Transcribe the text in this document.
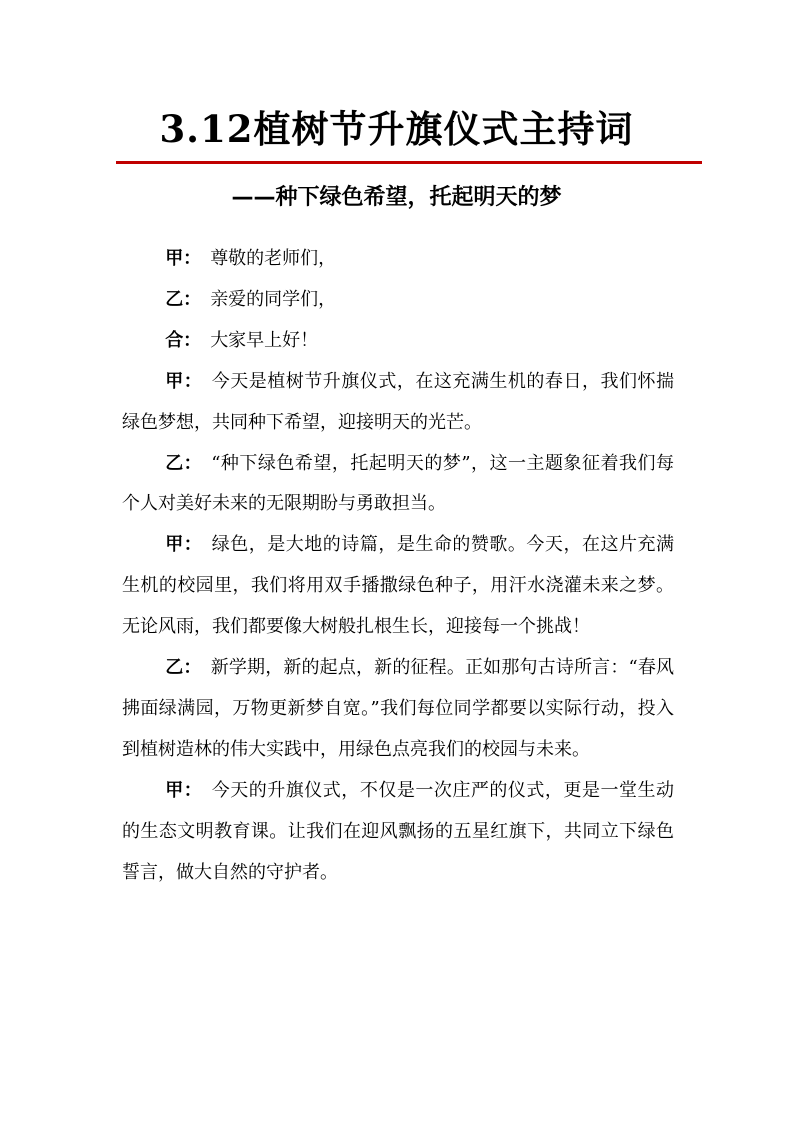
3.12植树节升旗仪式主持词
——种下绿色希望，托起明天的梦

甲： 尊敬的老师们，

乙： 亲爱的同学们，

合： 大家早上好！

甲： 今天是植树节升旗仪式，在这充满生机的春日，我们怀揣绿色梦想，共同种下希望，迎接明天的光芒。

乙： “种下绿色希望，托起明天的梦”，这一主题象征着我们每个人对美好未来的无限期盼与勇敢担当。

甲： 绿色，是大地的诗篇，是生命的赞歌。今天，在这片充满生机的校园里，我们将用双手播撒绿色种子，用汗水浇灌未来之梦。无论风雨，我们都要像大树般扎根生长，迎接每一个挑战！

乙： 新学期，新的起点，新的征程。正如那句古诗所言：“春风拂面绿满园，万物更新梦自宽。”我们每位同学都要以实际行动，投入到植树造林的伟大实践中，用绿色点亮我们的校园与未来。

甲： 今天的升旗仪式，不仅是一次庄严的仪式，更是一堂生动的生态文明教育课。让我们在迎风飘扬的五星红旗下，共同立下绿色誓言，做大自然的守护者。
